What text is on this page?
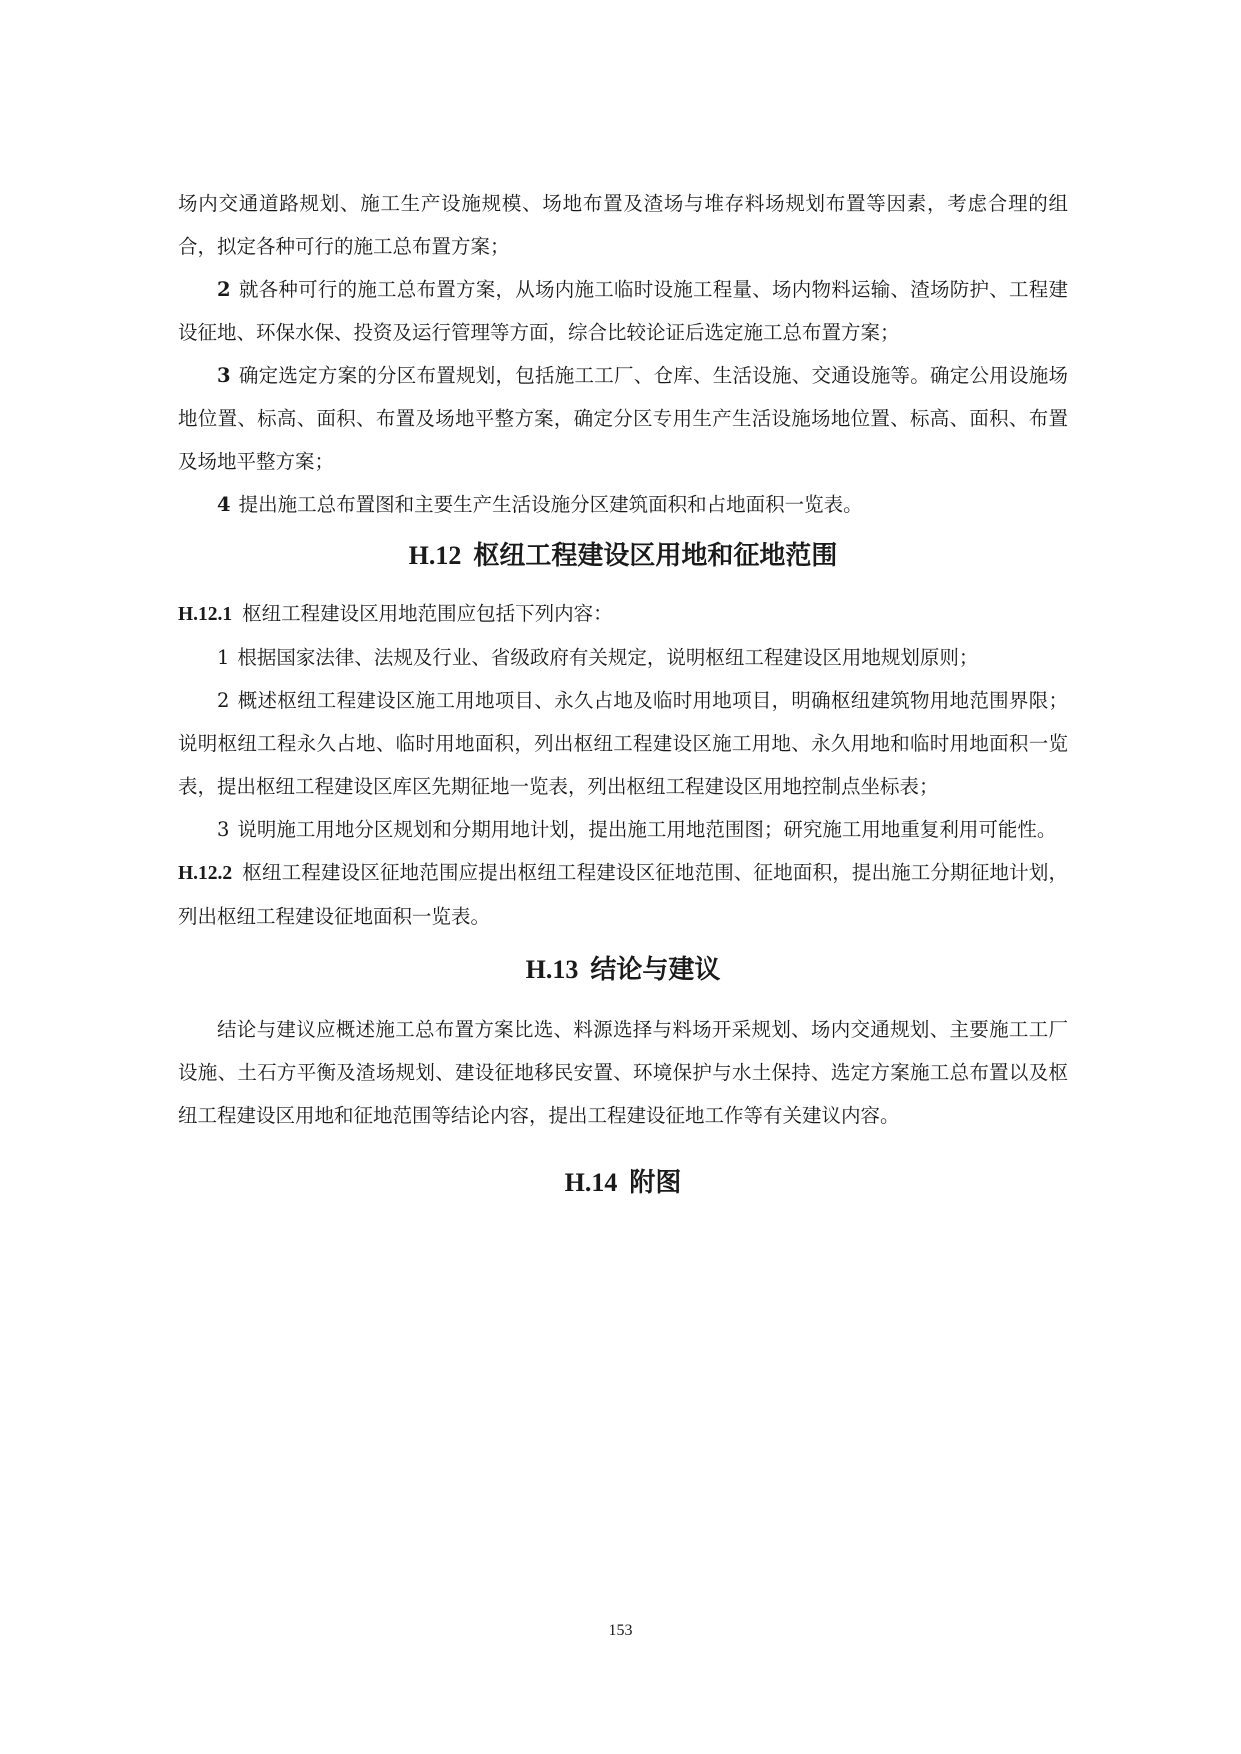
场内交通道路规划、施工生产设施规模、场地布置及渣场与堆存料场规划布置等因素，考虑合理的组合，拟定各种可行的施工总布置方案；

2 就各种可行的施工总布置方案，从场内施工临时设施工程量、场内物料运输、渣场防护、工程建设征地、环保水保、投资及运行管理等方面，综合比较论证后选定施工总布置方案；

3 确定选定方案的分区布置规划，包括施工工厂、仓库、生活设施、交通设施等。确定公用设施场地位置、标高、面积、布置及场地平整方案，确定分区专用生产生活设施场地位置、标高、面积、布置及场地平整方案；

4 提出施工总布置图和主要生产生活设施分区建筑面积和占地面积一览表。

H.12 枢纽工程建设区用地和征地范围

H.12.1 枢纽工程建设区用地范围应包括下列内容：

1 根据国家法律、法规及行业、省级政府有关规定，说明枢纽工程建设区用地规划原则；

2 概述枢纽工程建设区施工用地项目、永久占地及临时用地项目，明确枢纽建筑物用地范围界限；说明枢纽工程永久占地、临时用地面积，列出枢纽工程建设区施工用地、永久用地和临时用地面积一览表，提出枢纽工程建设区库区先期征地一览表，列出枢纽工程建设区用地控制点坐标表；

3 说明施工用地分区规划和分期用地计划，提出施工用地范围图；研究施工用地重复利用可能性。

H.12.2 枢纽工程建设区征地范围应提出枢纽工程建设区征地范围、征地面积，提出施工分期征地计划，列出枢纽工程建设征地面积一览表。

H.13 结论与建议

结论与建议应概述施工总布置方案比选、料源选择与料场开采规划、场内交通规划、主要施工工厂设施、土石方平衡及渣场规划、建设征地移民安置、环境保护与水土保持、选定方案施工总布置以及枢纽工程建设区用地和征地范围等结论内容，提出工程建设征地工作等有关建议内容。

H.14 附图
153
